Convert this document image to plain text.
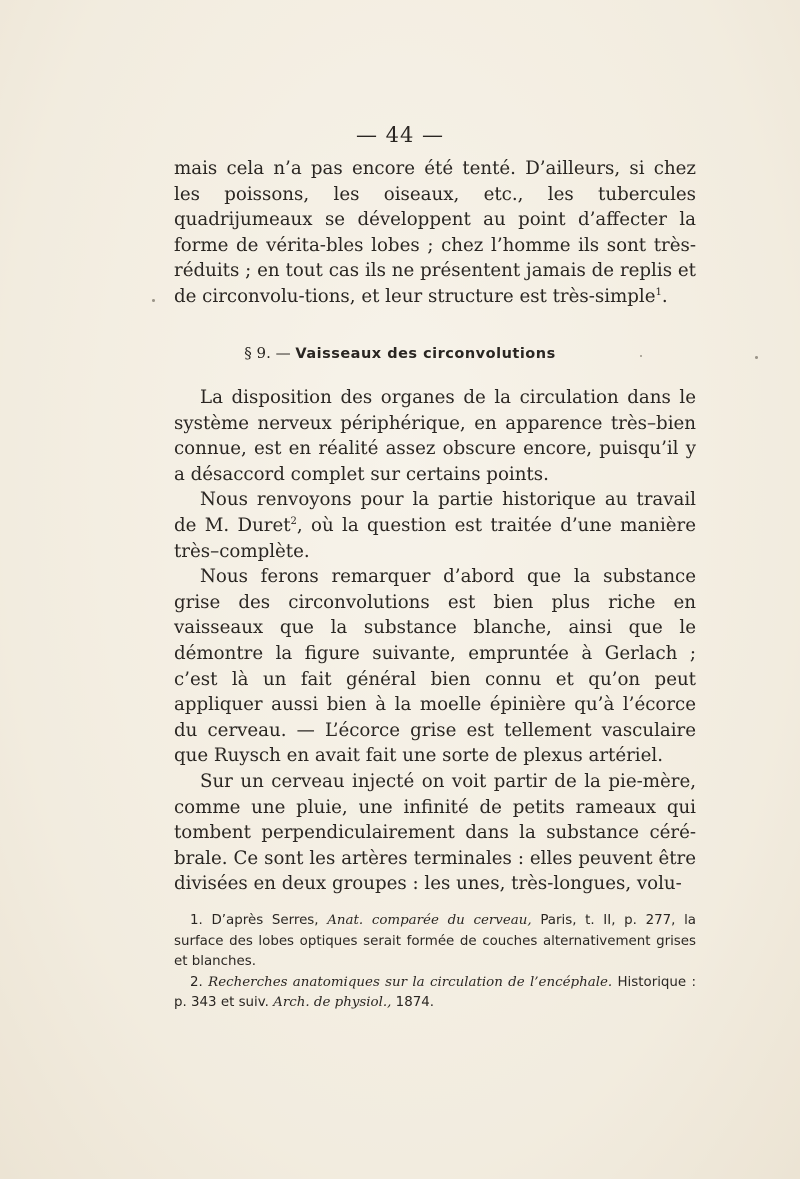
— 44 —

mais cela n’a pas encore été tenté. D’ailleurs, si chez les poissons, les oiseaux, etc., les tubercules quadrijumeaux se développent au point d’affecter la forme de vérita-bles lobes ; chez l’homme ils sont très-réduits ; en tout cas ils ne présentent jamais de replis et de circonvolu-tions, et leur structure est très-simple$^1$.

§ 9. — Vaisseaux des circonvolutions

La disposition des organes de la circulation dans le système nerveux périphérique, en apparence très–bien connue, est en réalité assez obscure encore, puisqu’il y a désaccord complet sur certains points.

Nous renvoyons pour la partie historique au travail de M. Duret$^2$, où la question est traitée d’une manière très–complète.

Nous ferons remarquer d’abord que la substance grise des circonvolutions est bien plus riche en vaisseaux que la substance blanche, ainsi que le démontre la figure suivante, empruntée à Gerlach ; c’est là un fait général bien connu et qu’on peut appliquer aussi bien à la moelle épinière qu’à l’écorce du cerveau. — L’écorce grise est tellement vasculaire que Ruysch en avait fait une sorte de plexus artériel.

Sur un cerveau injecté on voit partir de la pie-mère, comme une pluie, une infinité de petits rameaux qui tombent perpendiculairement dans la substance céré-brale. Ce sont les artères terminales : elles peuvent être divisées en deux groupes : les unes, très-longues, volu-

1. D’après Serres, Anat. comparée du cerveau, Paris, t. II, p. 277, la surface des lobes optiques serait formée de couches alternativement grises et blanches.

2. Recherches anatomiques sur la circulation de l’encéphale. Historique : p. 343 et suiv. Arch. de physiol., 1874.
